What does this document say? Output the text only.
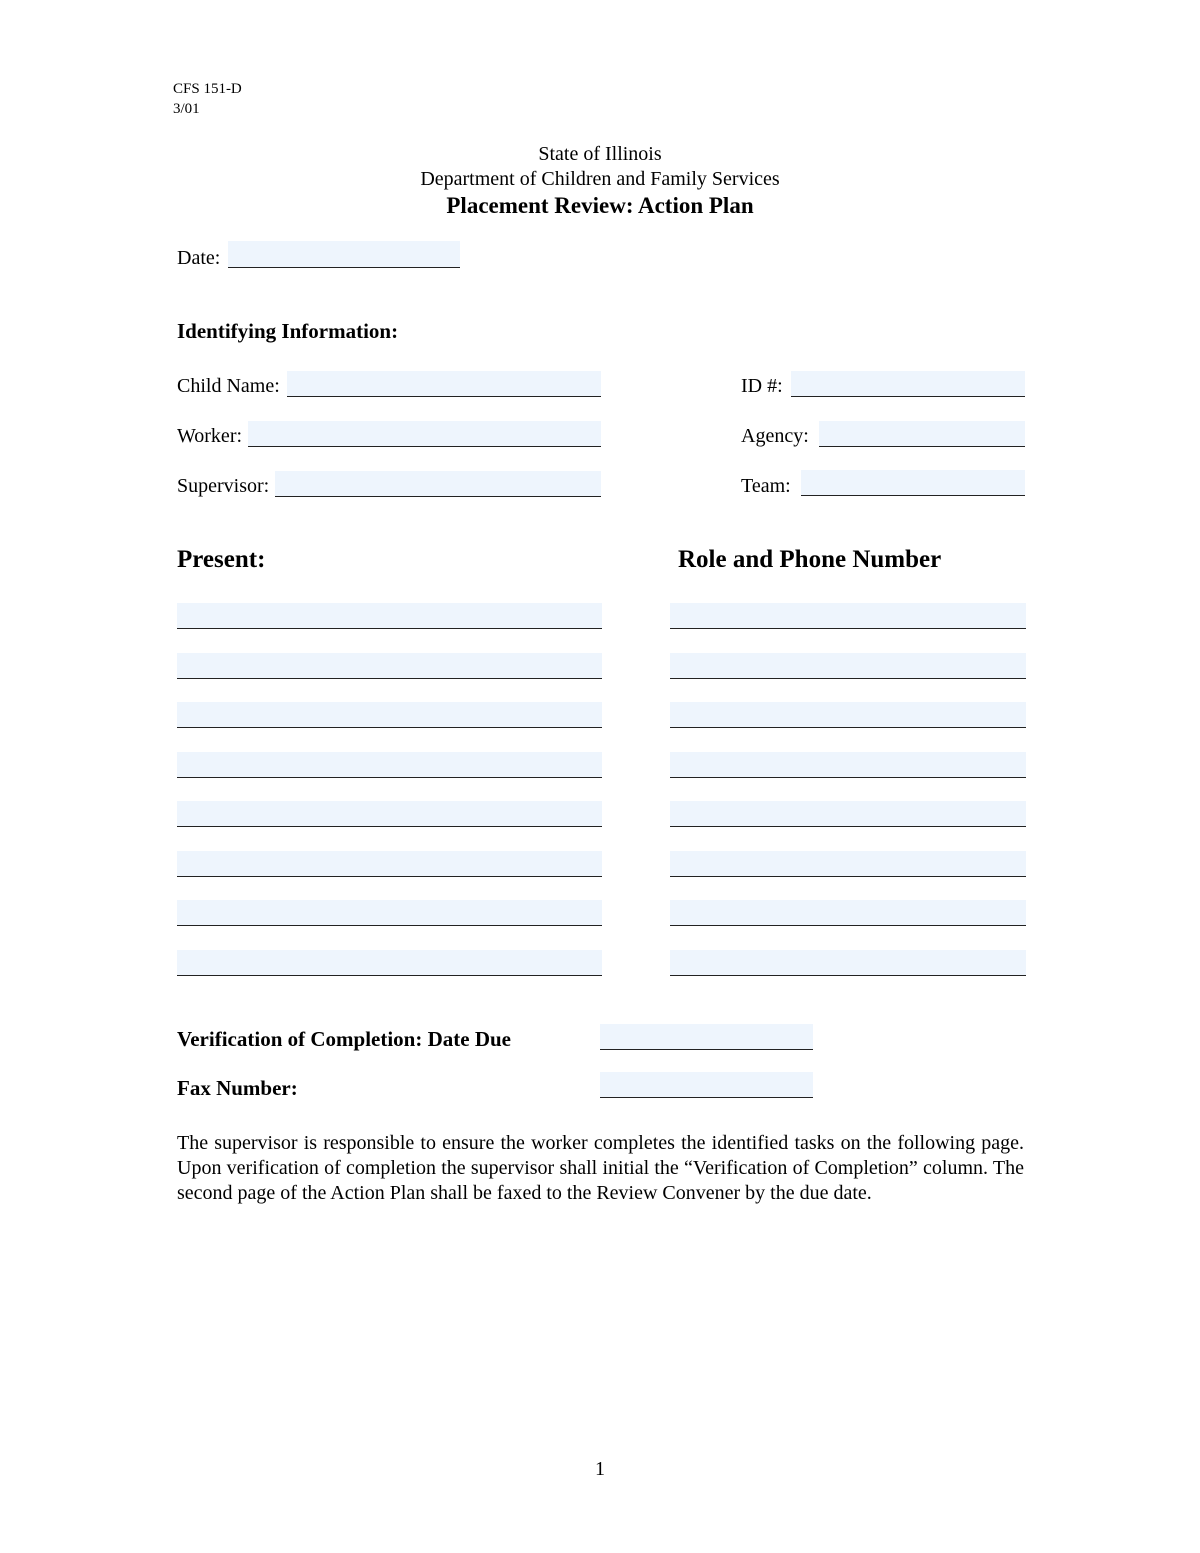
CFS 151-D
3/01
State of Illinois
Department of Children and Family Services
Placement Review: Action Plan
Date:
Identifying Information:
Child Name:	ID #:
Worker:	Agency:
Supervisor:	Team:
Present:	Role and Phone Number
Verification of Completion: Date Due
Fax Number:
The supervisor is responsible to ensure the worker completes the identified tasks on the following page. Upon verification of completion the supervisor shall initial the “Verification of Completion” column. The second page of the Action Plan shall be faxed to the Review Convener by the due date.
1
